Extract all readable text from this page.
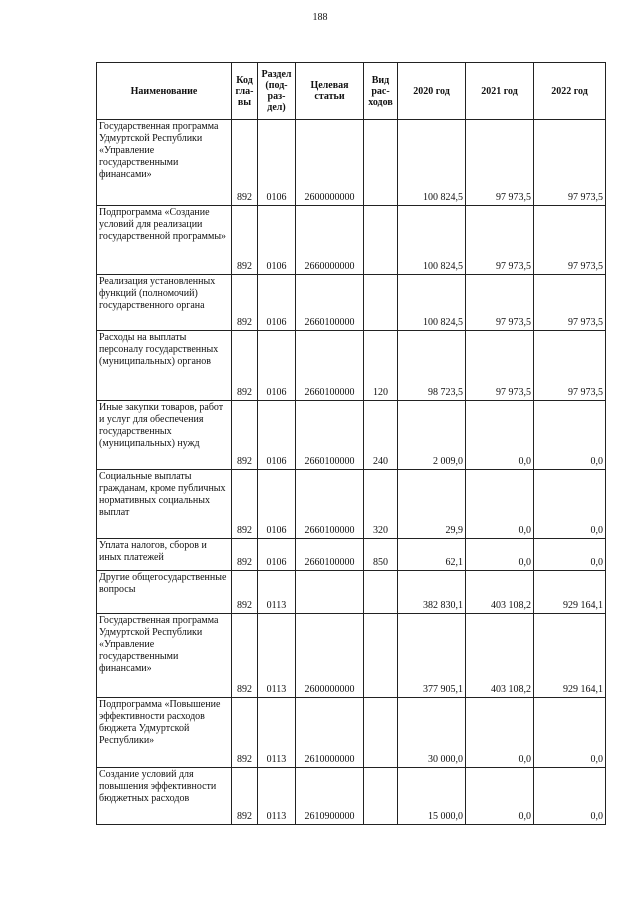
188
Наименование	Код гла-вы	Раздел (под-раз-дел)	Целевая статьи	Вид рас-ходов	2020 год	2021 год	2022 год
Государственная программа Удмуртской Республики «Управление государственными финансами»	892	0106	2600000000		100 824,5	97 973,5	97 973,5
Подпрограмма «Создание условий для реализации государственной программы»	892	0106	2660000000		100 824,5	97 973,5	97 973,5
Реализация установленных функций (полномочий) государственного органа	892	0106	2660100000		100 824,5	97 973,5	97 973,5
Расходы на выплаты персоналу государственных (муниципальных) органов	892	0106	2660100000	120	98 723,5	97 973,5	97 973,5
Иные закупки товаров, работ и услуг для обеспечения государственных (муниципальных) нужд	892	0106	2660100000	240	2 009,0	0,0	0,0
Социальные выплаты гражданам, кроме публичных нормативных социальных выплат	892	0106	2660100000	320	29,9	0,0	0,0
Уплата налогов, сборов и иных платежей	892	0106	2660100000	850	62,1	0,0	0,0
Другие общегосударственные вопросы	892	0113			382 830,1	403 108,2	929 164,1
Государственная программа Удмуртской Республики «Управление государственными финансами»	892	0113	2600000000		377 905,1	403 108,2	929 164,1
Подпрограмма «Повышение эффективности расходов бюджета Удмуртской Республики»	892	0113	2610000000		30 000,0	0,0	0,0
Создание условий для повышения эффективности бюджетных расходов	892	0113	2610900000		15 000,0	0,0	0,0
